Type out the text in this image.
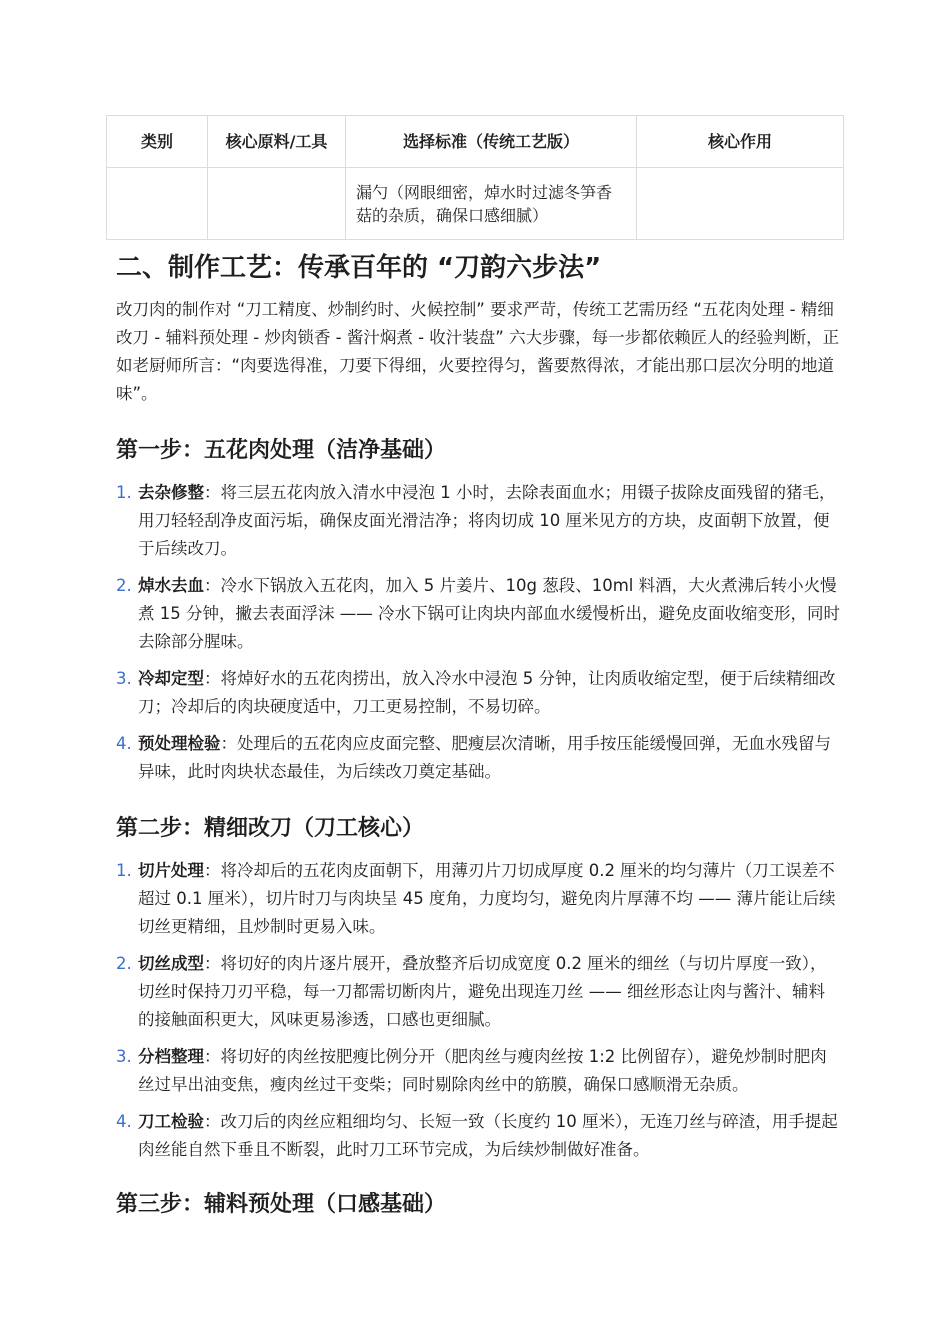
类别	核心原料/工具	选择标准（传统工艺版）	核心作用
		漏勺（网眼细密，焯水时过滤冬笋香菇的杂质，确保口感细腻）	
二、制作工艺：传承百年的 “刀韵六步法”

改刀肉的制作对 “刀工精度、炒制约时、火候控制” 要求严苛，传统工艺需历经 “五花肉处理 - 精细改刀 - 辅料预处理 - 炒肉锁香 - 酱汁焖煮 - 收汁装盘” 六大步骤，每一步都依赖匠人的经验判断，正如老厨师所言：“肉要选得准，刀要下得细，火要控得匀，酱要熬得浓，才能出那口层次分明的地道味”。

第一步：五花肉处理（洁净基础）
1. 去杂修整：将三层五花肉放入清水中浸泡 1 小时，去除表面血水；用镊子拔除皮面残留的猪毛，用刀轻轻刮净皮面污垢，确保皮面光滑洁净；将肉切成 10 厘米见方的方块，皮面朝下放置，便于后续改刀。
2. 焯水去血：冷水下锅放入五花肉，加入 5 片姜片、10g 葱段、10ml 料酒，大火煮沸后转小火慢煮 15 分钟，撇去表面浮沫 —— 冷水下锅可让肉块内部血水缓慢析出，避免皮面收缩变形，同时去除部分腥味。
3. 冷却定型：将焯好水的五花肉捞出，放入冷水中浸泡 5 分钟，让肉质收缩定型，便于后续精细改刀；冷却后的肉块硬度适中，刀工更易控制，不易切碎。
4. 预处理检验：处理后的五花肉应皮面完整、肥瘦层次清晰，用手按压能缓慢回弹，无血水残留与异味，此时肉块状态最佳，为后续改刀奠定基础。
第二步：精细改刀（刀工核心）
1. 切片处理：将冷却后的五花肉皮面朝下，用薄刃片刀切成厚度 0.2 厘米的均匀薄片（刀工误差不超过 0.1 厘米），切片时刀与肉块呈 45 度角，力度均匀，避免肉片厚薄不均 —— 薄片能让后续切丝更精细，且炒制时更易入味。
2. 切丝成型：将切好的肉片逐片展开，叠放整齐后切成宽度 0.2 厘米的细丝（与切片厚度一致），切丝时保持刀刃平稳，每一刀都需切断肉片，避免出现连刀丝 —— 细丝形态让肉与酱汁、辅料的接触面积更大，风味更易渗透，口感也更细腻。
3. 分档整理：将切好的肉丝按肥瘦比例分开（肥肉丝与瘦肉丝按 1:2 比例留存），避免炒制时肥肉丝过早出油变焦，瘦肉丝过干变柴；同时剔除肉丝中的筋膜，确保口感顺滑无杂质。
4. 刀工检验：改刀后的肉丝应粗细均匀、长短一致（长度约 10 厘米），无连刀丝与碎渣，用手提起肉丝能自然下垂且不断裂，此时刀工环节完成，为后续炒制做好准备。
第三步：辅料预处理（口感基础）
